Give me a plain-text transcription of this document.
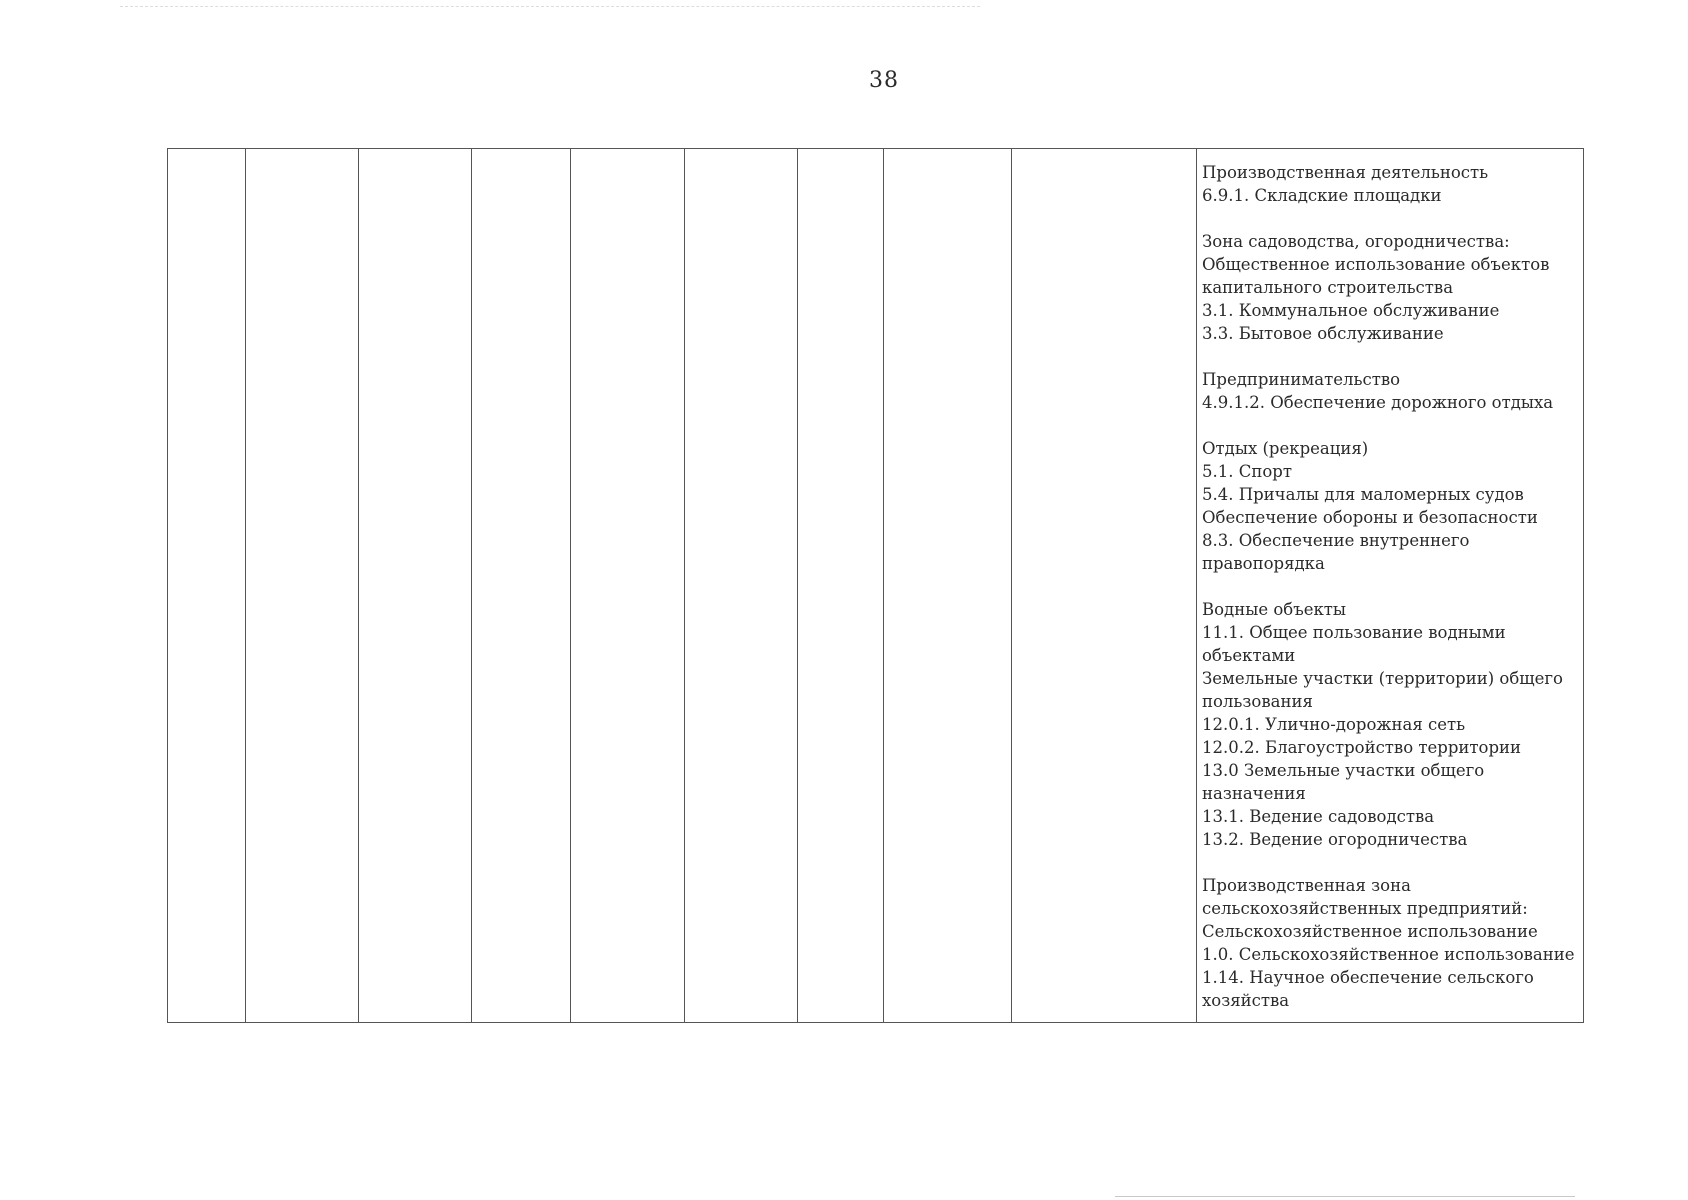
38

Производственная деятельность
6.9.1. Складские площадки
Зона садоводства, огородничества:
Общественное использование объектов
капитального строительства
3.1. Коммунальное обслуживание
3.3. Бытовое обслуживание
Предпринимательство
4.9.1.2. Обеспечение дорожного отдыха
Отдых (рекреация)
5.1. Спорт
5.4. Причалы для маломерных судов
Обеспечение обороны и безопасности
8.3. Обеспечение внутреннего
правопорядка
Водные объекты
11.1. Общее пользование водными
объектами
Земельные участки (территории) общего
пользования
12.0.1. Улично-дорожная сеть
12.0.2. Благоустройство территории
13.0 Земельные участки общего
назначения
13.1. Ведение садоводства
13.2. Ведение огородничества
Производственная зона
сельскохозяйственных предприятий:
Сельскохозяйственное использование
1.0. Сельскохозяйственное использование
1.14. Научное обеспечение сельского
хозяйства
